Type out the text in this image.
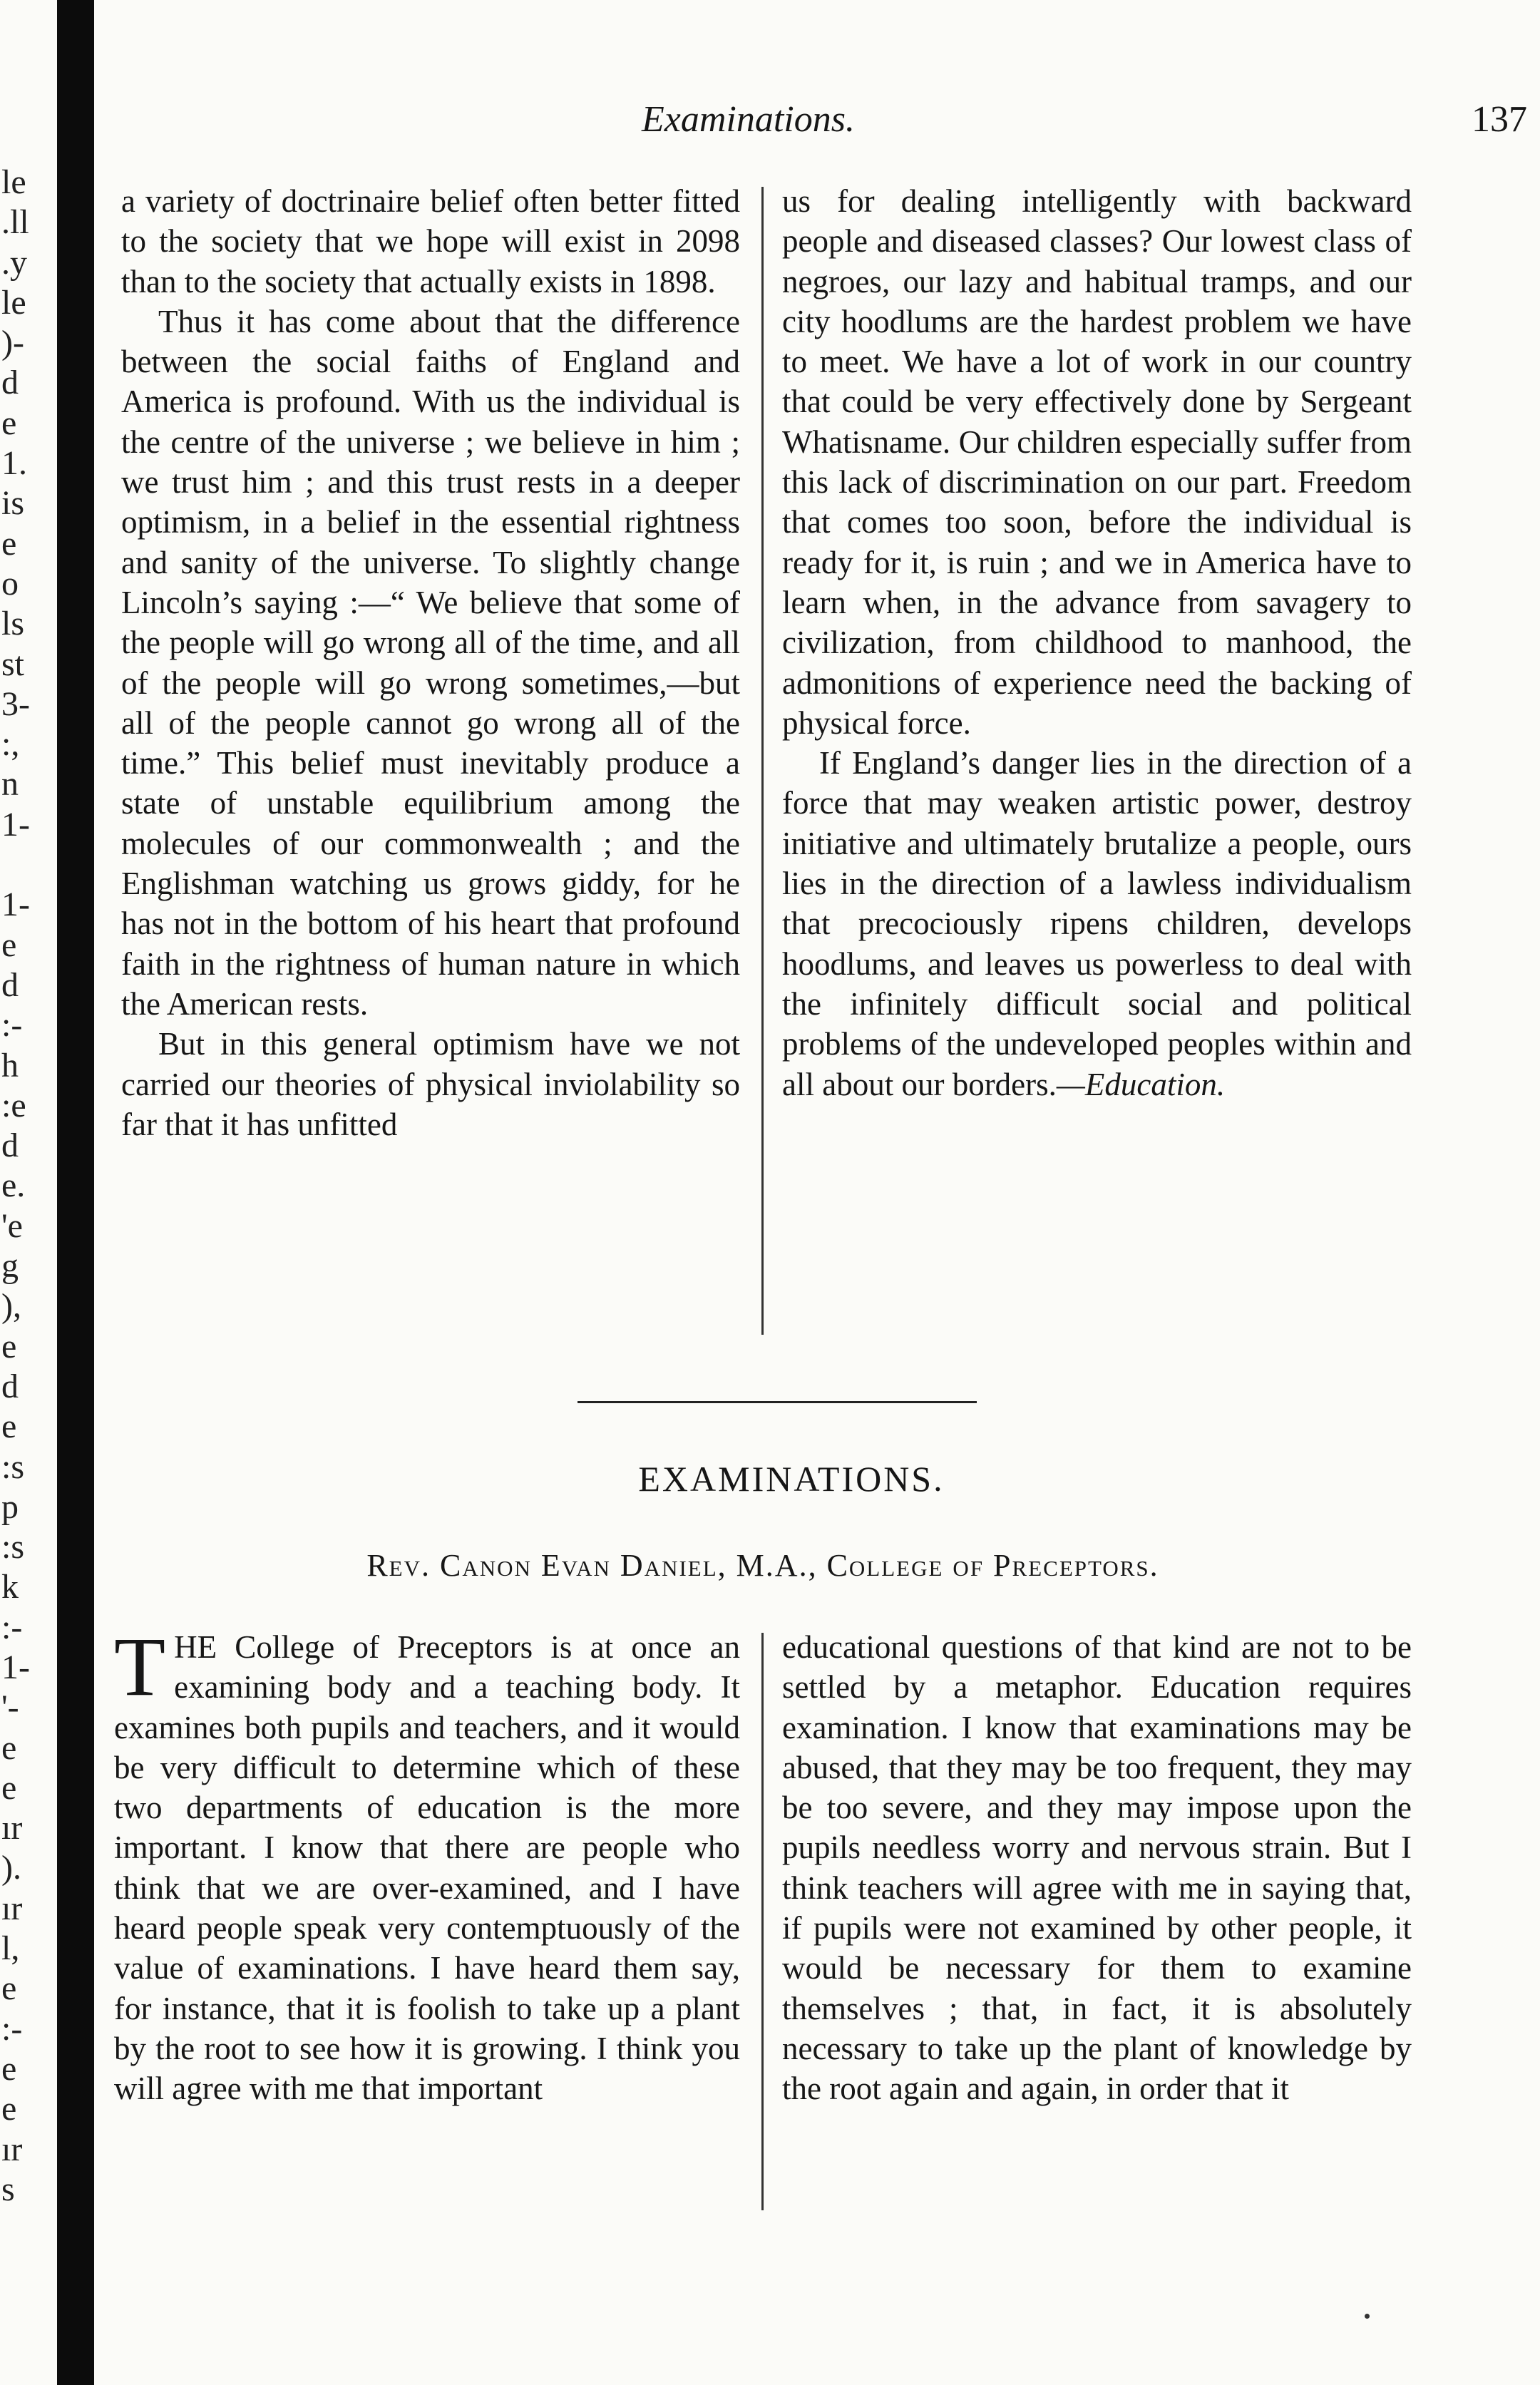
le
.ll
.y
le
)-
d
e
1.
is
e
o
ls
st
3-
:,
n
1-

1-
e
d
:-
h
:e
d
e.
'e
g
),
e
d
e
:s
p
:s
k
:-
1-
'-
e
e
ır
).
ır
l,
e
:-
e
e
ır
s
Examinations.	137

a variety of doctrinaire belief often better fitted to the society that we hope will exist in 2098 than to the society that actually exists in 1898.

Thus it has come about that the difference between the social faiths of England and America is profound. With us the individual is the centre of the universe ; we believe in him ; we trust him ; and this trust rests in a deeper optimism, in a belief in the essential rightness and sanity of the universe. To slightly change Lincoln’s saying :—“ We believe that some of the people will go wrong all of the time, and all of the people will go wrong sometimes,—but all of the people cannot go wrong all of the time.” This belief must inevitably produce a state of unstable equilibrium among the molecules of our commonwealth ; and the Englishman watching us grows giddy, for he has not in the bottom of his heart that profound faith in the rightness of human nature in which the American rests.

But in this general optimism have we not carried our theories of physical inviolability so far that it has unfitted

us for dealing intelligently with backward people and diseased classes? Our lowest class of negroes, our lazy and habitual tramps, and our city hoodlums are the hardest problem we have to meet. We have a lot of work in our country that could be very effectively done by Sergeant Whatisname. Our children especially suffer from this lack of discrimination on our part. Freedom that comes too soon, before the individual is ready for it, is ruin ; and we in America have to learn when, in the advance from savagery to civilization, from childhood to manhood, the admonitions of experience need the backing of physical force.

If England’s danger lies in the direction of a force that may weaken artistic power, destroy initiative and ultimately brutalize a people, ours lies in the direction of a lawless individualism that precociously ripens children, develops hoodlums, and leaves us powerless to deal with the infinitely difficult social and political problems of the undeveloped peoples within and all about our borders.—Education.

EXAMINATIONS.
Rev. Canon Evan Daniel, M.A., College of Preceptors.

THE College of Preceptors is at once an examining body and a teaching body. It examines both pupils and teachers, and it would be very difficult to determine which of these two departments of education is the more important. I know that there are people who think that we are over-examined, and I have heard people speak very contemptuously of the value of examinations. I have heard them say, for instance, that it is foolish to take up a plant by the root to see how it is growing. I think you will agree with me that important

educational questions of that kind are not to be settled by a metaphor. Education requires examination. I know that examinations may be abused, that they may be too frequent, they may be too severe, and they may impose upon the pupils needless worry and nervous strain. But I think teachers will agree with me in saying that, if pupils were not examined by other people, it would be necessary for them to examine themselves ; that, in fact, it is absolutely necessary to take up the plant of knowledge by the root again and again, in order that it
